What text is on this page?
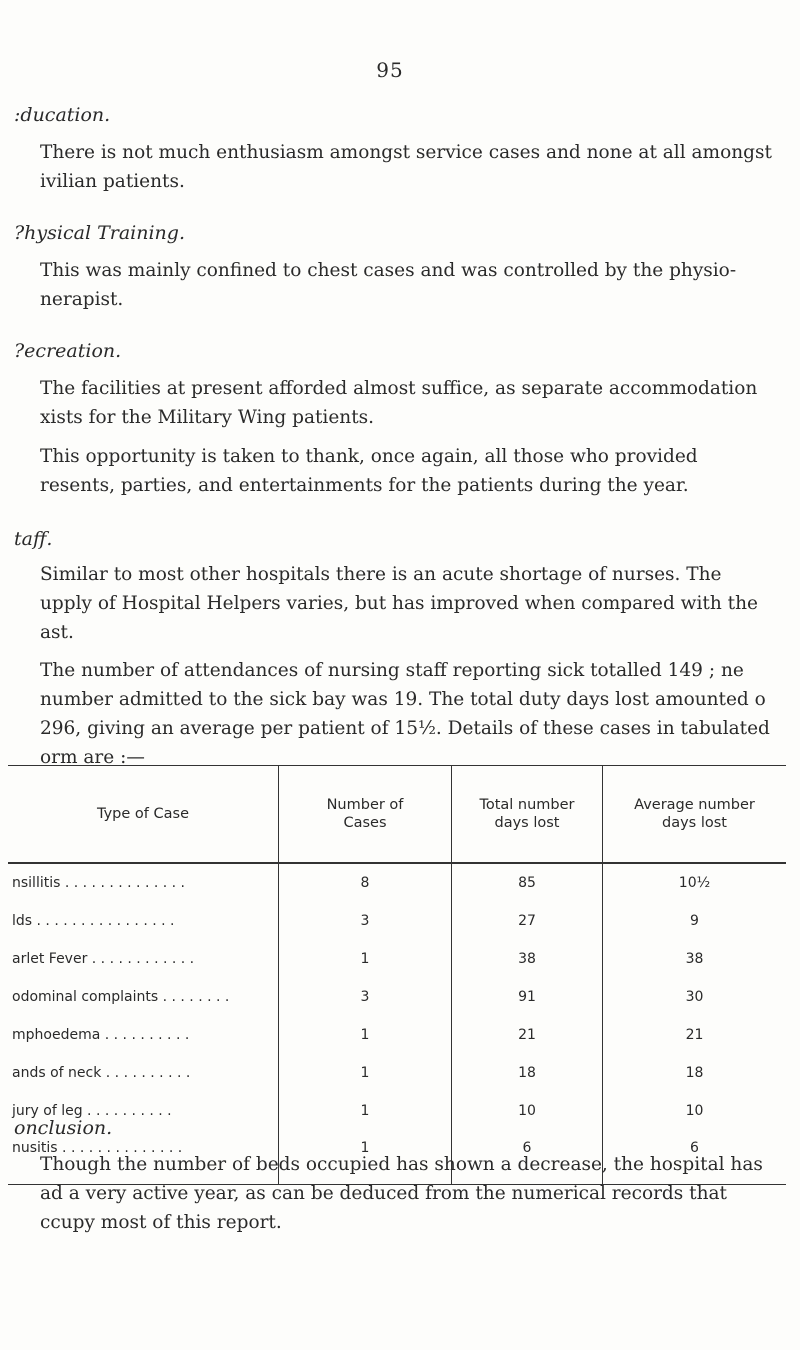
95
:ducation.
There is not much enthusiasm amongst service cases and none at all amongst ivilian patients.
?hysical Training.
This was mainly confined to chest cases and was controlled by the physio- nerapist.
?ecreation.
The facilities at present afforded almost suffice, as separate accommodation xists for the Military Wing patients.
This opportunity is taken to thank, once again, all those who provided resents, parties, and entertainments for the patients during the year.
taff.
Similar to most other hospitals there is an acute shortage of nurses. The upply of Hospital Helpers varies, but has improved when compared with the ast.
The number of attendances of nursing staff reporting sick totalled 149 ; ne number admitted to the sick bay was 19. The total duty days lost amounted o 296, giving an average per patient of 15½. Details of these cases in tabulated orm are :—
Type of Case	Number of Cases	Total number days lost	Average number days lost
nsillitis . . . . . . . . . . . . . .	8	85	10½
lds . . . . . . . . . . . . . . . .	3	27	9
arlet Fever . . . . . . . . . . . .	1	38	38
odominal complaints . . . . . . . .	3	91	30
mphoedema . . . . . . . . . .	1	21	21
ands of neck . . . . . . . . . .	1	18	18
jury of leg . . . . . . . . . .	1	10	10
nusitis . . . . . . . . . . . . . .	1	6	6
onclusion.
Though the number of beds occupied has shown a decrease, the hospital has ad a very active year, as can be deduced from the numerical records that ccupy most of this report.
